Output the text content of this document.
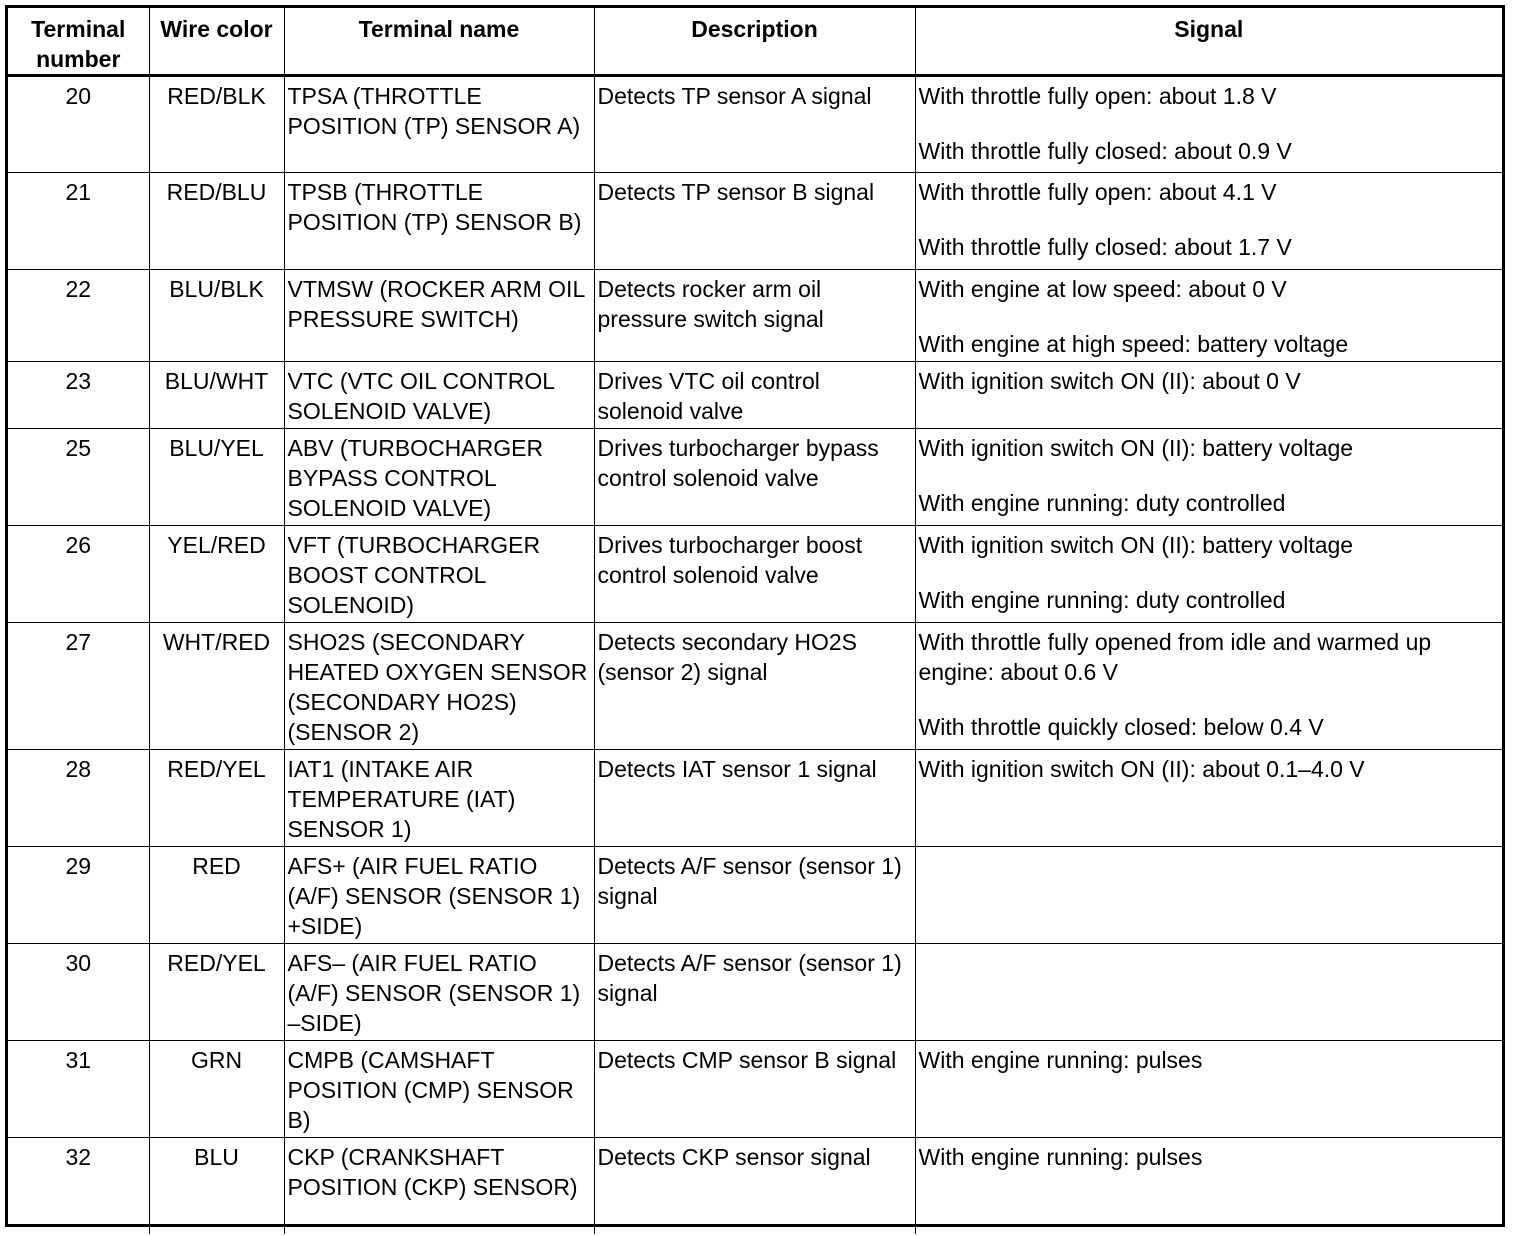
Terminal
number	Wire color	Terminal name	Description	Signal
20	RED/BLK	TPSA (THROTTLE POSITION (TP) SENSOR A)	Detects TP sensor A signal	With throttle fully open: about 1.8 V
With throttle fully closed: about 0.9 V

21	RED/BLU	TPSB (THROTTLE POSITION (TP) SENSOR B)	Detects TP sensor B signal	With throttle fully open: about 4.1 V
With throttle fully closed: about 1.7 V

22	BLU/BLK	VTMSW (ROCKER ARM OIL PRESSURE SWITCH)	Detects rocker arm oil pressure switch signal	With engine at low speed: about 0 V
With engine at high speed: battery voltage

23	BLU/WHT	VTC (VTC OIL CONTROL SOLENOID VALVE)	Drives VTC oil control solenoid valve	With ignition switch ON (II): about 0 V

25	BLU/YEL	ABV (TURBOCHARGER BYPASS CONTROL SOLENOID VALVE)	Drives turbocharger bypass control solenoid valve	With ignition switch ON (II): battery voltage
With engine running: duty controlled

26	YEL/RED	VFT (TURBOCHARGER BOOST CONTROL SOLENOID)	Drives turbocharger boost control solenoid valve	With ignition switch ON (II): battery voltage
With engine running: duty controlled

27	WHT/RED	SHO2S (SECONDARY HEATED OXYGEN SENSOR (SECONDARY HO2S) (SENSOR 2)	Detects secondary HO2S (sensor 2) signal	With throttle fully opened from idle and warmed up engine: about 0.6 V
With throttle quickly closed: below 0.4 V

28	RED/YEL	IAT1 (INTAKE AIR TEMPERATURE (IAT) SENSOR 1)	Detects IAT sensor 1 signal	With ignition switch ON (II): about 0.1–4.0 V

29	RED	AFS+ (AIR FUEL RATIO (A/F) SENSOR (SENSOR 1) +SIDE)	Detects A/F sensor (sensor 1) signal	
30	RED/YEL	AFS– (AIR FUEL RATIO (A/F) SENSOR (SENSOR 1) –SIDE)	Detects A/F sensor (sensor 1) signal	
31	GRN	CMPB (CAMSHAFT POSITION (CMP) SENSOR B)	Detects CMP sensor B signal	With engine running: pulses

32	BLU	CKP (CRANKSHAFT POSITION (CKP) SENSOR)	Detects CKP sensor signal	With engine running: pulses
